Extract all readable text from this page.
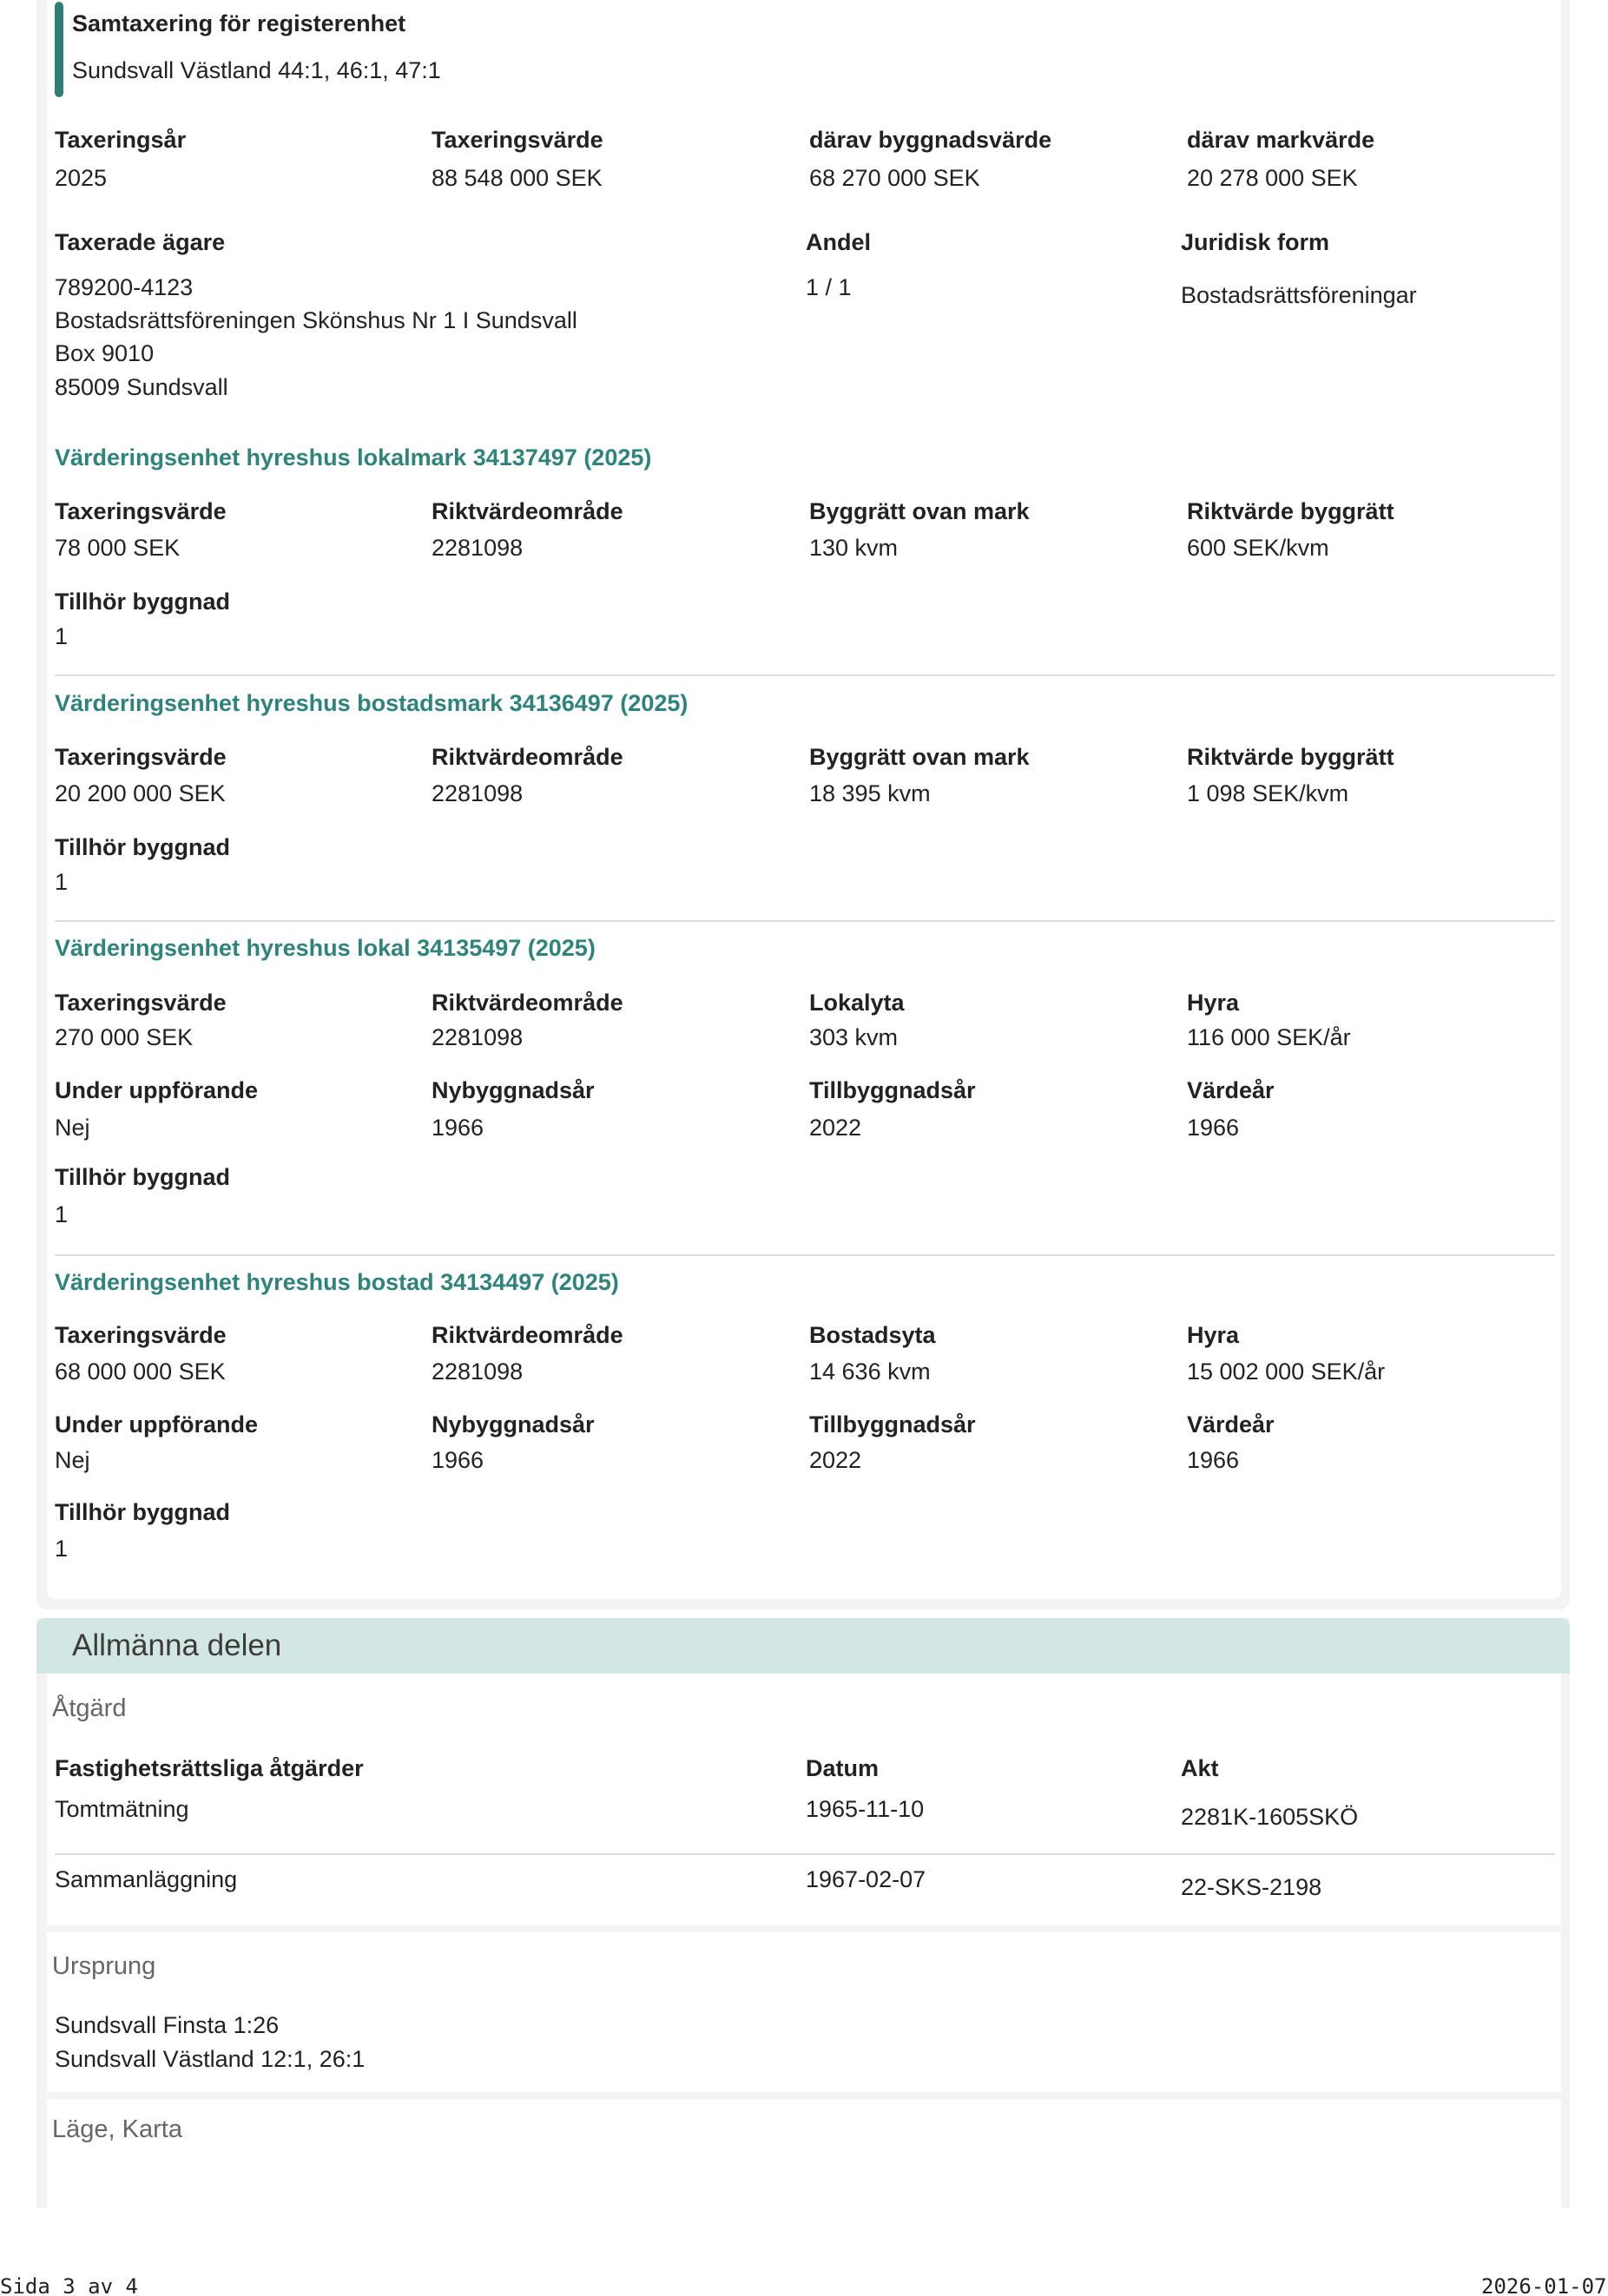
Samtaxering för registerenhet
Sundsvall Västland 44:1, 46:1, 47:1
Taxeringsår	Taxeringsvärde	därav byggnadsvärde	därav markvärde
2025	88 548 000 SEK	68 270 000 SEK	20 278 000 SEK
Taxerade ägare	Andel	Juridisk form
789200-4123
Bostadsrättsföreningen Skönshus Nr 1 I Sundsvall
Box 9010
85009 Sundsvall
1 / 1	Bostadsrättsföreningar
Värderingsenhet hyreshus lokalmark 34137497 (2025)
Taxeringsvärde	Riktvärdeområde	Byggrätt ovan mark	Riktvärde byggrätt
78 000 SEK	2281098	130 kvm	600 SEK/kvm
Tillhör byggnad
1
Värderingsenhet hyreshus bostadsmark 34136497 (2025)
Taxeringsvärde	Riktvärdeområde	Byggrätt ovan mark	Riktvärde byggrätt
20 200 000 SEK	2281098	18 395 kvm	1 098 SEK/kvm
Tillhör byggnad
1
Värderingsenhet hyreshus lokal 34135497 (2025)
Taxeringsvärde	Riktvärdeområde	Lokalyta	Hyra
270 000 SEK	2281098	303 kvm	116 000 SEK/år
Under uppförande	Nybyggnadsår	Tillbyggnadsår	Värdeår
Nej	1966	2022	1966
Tillhör byggnad
1
Värderingsenhet hyreshus bostad 34134497 (2025)
Taxeringsvärde	Riktvärdeområde	Bostadsyta	Hyra
68 000 000 SEK	2281098	14 636 kvm	15 002 000 SEK/år
Under uppförande	Nybyggnadsår	Tillbyggnadsår	Värdeår
Nej	1966	2022	1966
Tillhör byggnad
1
Allmänna delen
Åtgärd
Fastighetsrättsliga åtgärder	Datum	Akt
Tomtmätning	1965-11-10	2281K-1605SKÖ
Sammanläggning	1967-02-07	22-SKS-2198
Ursprung
Sundsvall Finsta 1:26
Sundsvall Västland 12:1, 26:1
Läge, Karta
Sida 3 av 4	2026-01-07
